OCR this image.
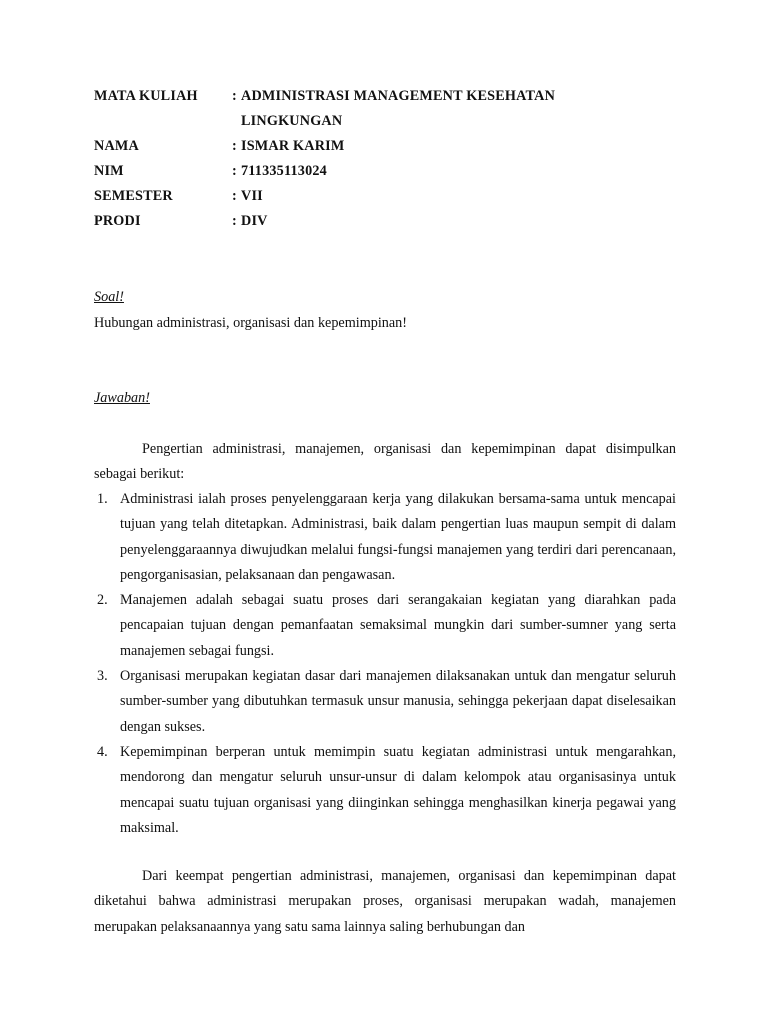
MATA KULIAH : ADMINISTRASI MANAGEMENT KESEHATAN
LINGKUNGAN
NAMA	: ISMAR KARIM
NIM	: 711335113024
SEMESTER	: VII
PRODI	: DIV
Soal!
Hubungan administrasi, organisasi dan kepemimpinan!
Jawaban!

Pengertian administrasi, manajemen, organisasi dan kepemimpinan dapat disimpulkan sebagai berikut:

1. Administrasi ialah proses penyelenggaraan kerja yang dilakukan bersama-sama untuk mencapai tujuan yang telah ditetapkan. Administrasi, baik dalam pengertian luas maupun sempit di dalam penyelenggaraannya diwujudkan melalui fungsi-fungsi manajemen yang terdiri dari perencanaan, pengorganisasian, pelaksanaan dan pengawasan.
2. Manajemen adalah sebagai suatu proses dari serangakaian kegiatan yang diarahkan pada pencapaian tujuan dengan pemanfaatan semaksimal mungkin dari sumber-sumner yang serta manajemen sebagai fungsi.
3. Organisasi merupakan kegiatan dasar dari manajemen dilaksanakan untuk dan mengatur seluruh sumber-sumber yang dibutuhkan termasuk unsur manusia, sehingga pekerjaan dapat diselesaikan dengan sukses.
4. Kepemimpinan berperan untuk memimpin suatu kegiatan administrasi untuk mengarahkan, mendorong dan mengatur seluruh unsur-unsur di dalam kelompok atau organisasinya untuk mencapai suatu tujuan organisasi yang diinginkan sehingga menghasilkan kinerja pegawai yang maksimal.

Dari keempat pengertian administrasi, manajemen, organisasi dan kepemimpinan dapat diketahui bahwa administrasi merupakan proses, organisasi merupakan wadah, manajemen merupakan pelaksanaannya yang satu sama lainnya saling berhubungan dan
